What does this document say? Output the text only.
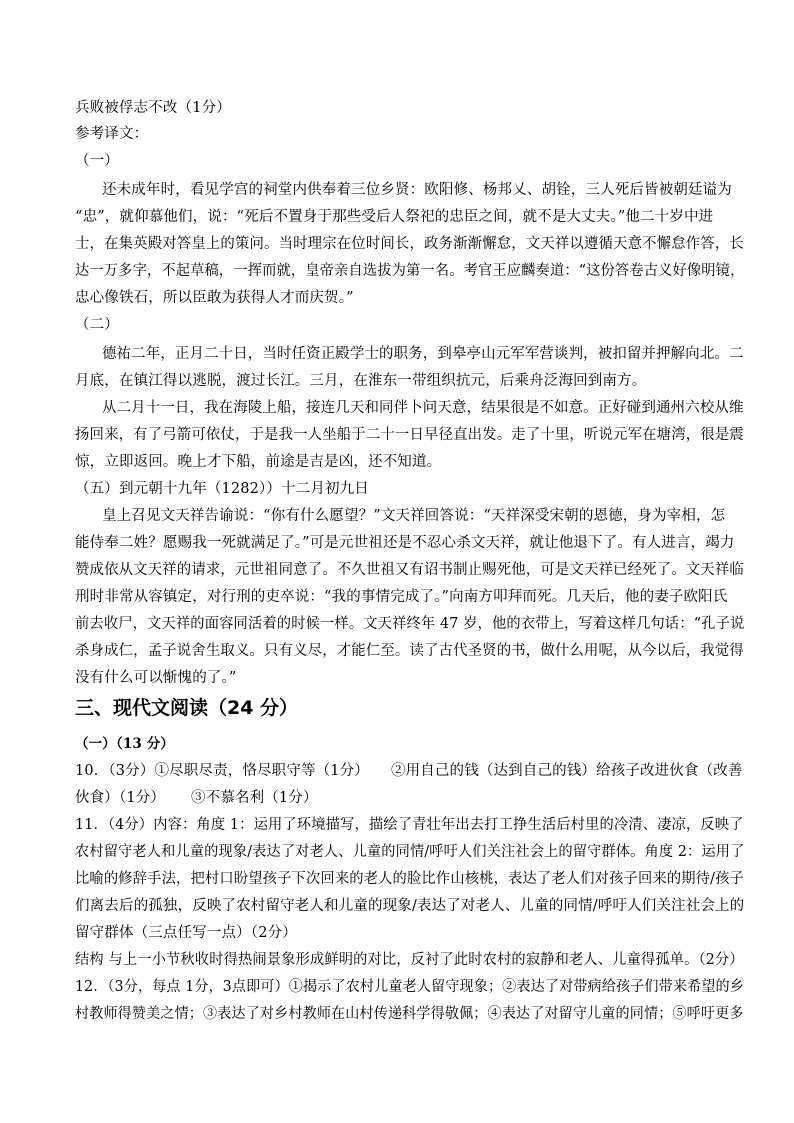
兵败被俘志不改（1分）
参考译文：
（一）
还未成年时，看见学宫的祠堂内供奉着三位乡贤：欧阳修、杨邦乂、胡铨，三人死后皆被朝廷谥为
“忠”，就仰慕他们，说：“死后不置身于那些受后人祭祀的忠臣之间，就不是大丈夫。”他二十岁中进
士，在集英殿对答皇上的策问。当时理宗在位时间长，政务渐渐懈怠，文天祥以遵循天意不懈怠作答，长
达一万多字，不起草稿，一挥而就，皇帝亲自选拔为第一名。考官王应麟奏道：“这份答卷古义好像明镜，
忠心像铁石，所以臣敢为获得人才而庆贺。”
（二）
德祐二年，正月二十日，当时任资正殿学士的职务，到皋亭山元军军营谈判，被扣留并押解向北。二
月底，在镇江得以逃脱，渡过长江。三月，在淮东一带组织抗元，后乘舟泛海回到南方。
从二月十一日，我在海陵上船，接连几天和同伴卜问天意，结果很是不如意。正好碰到通州六校从维
扬回来，有了弓箭可依仗，于是我一人坐船于二十一日早径直出发。走了十里，听说元军在塘湾，很是震
惊，立即返回。晚上才下船，前途是吉是凶，还不知道。
（五）到元朝十九年（1282））十二月初九日
皇上召见文天祥告谕说：“你有什么愿望？”文天祥回答说：“天祥深受宋朝的恩德，身为宰相，怎
能侍奉二姓？愿赐我一死就满足了。”可是元世祖还是不忍心杀文天祥，就让他退下了。有人进言，竭力
赞成依从文天祥的请求，元世祖同意了。不久世祖又有诏书制止赐死他，可是文天祥已经死了。文天祥临
刑时非常从容镇定，对行刑的吏卒说：“我的事情完成了。”向南方叩拜而死。几天后，他的妻子欧阳氏
前去收尸，文天祥的面容同活着的时候一样。文天祥终年 47 岁，他的衣带上，写着这样几句话：“孔子说
杀身成仁，孟子说舍生取义。只有义尽，才能仁至。读了古代圣贤的书，做什么用呢，从今以后，我觉得
没有什么可以惭愧的了。”
三、现代文阅读（24 分）
（一）（13 分）
10．（3分）①尽职尽责，恪尽职守等（1分） ②用自己的钱（达到自己的钱）给孩子改进伙食（改善
伙食）（1分） ③不慕名利（1分）
11．（4分）内容：角度 1：运用了环境描写，描绘了青壮年出去打工挣生活后村里的冷清、凄凉，反映了
农村留守老人和儿童的现象/表达了对老人、儿童的同情/呼吁人们关注社会上的留守群体。角度 2：运用了
比喻的修辞手法，把村口盼望孩子下次回来的老人的脸比作山核桃，表达了老人们对孩子回来的期待/孩子
们离去后的孤独，反映了农村留守老人和儿童的现象/表达了对老人、儿童的同情/呼吁人们关注社会上的
留守群体（三点任写一点）（2分）
结构 与上一小节秋收时得热闹景象形成鲜明的对比，反衬了此时农村的寂静和老人、儿童得孤单。（2分）
12．（3分，每点 1分，3点即可）①揭示了农村儿童老人留守现象；②表达了对带病给孩子们带来希望的乡
村教师得赞美之情；③表达了对乡村教师在山村传递科学得敬佩；④表达了对留守儿童的同情；⑤呼吁更多
